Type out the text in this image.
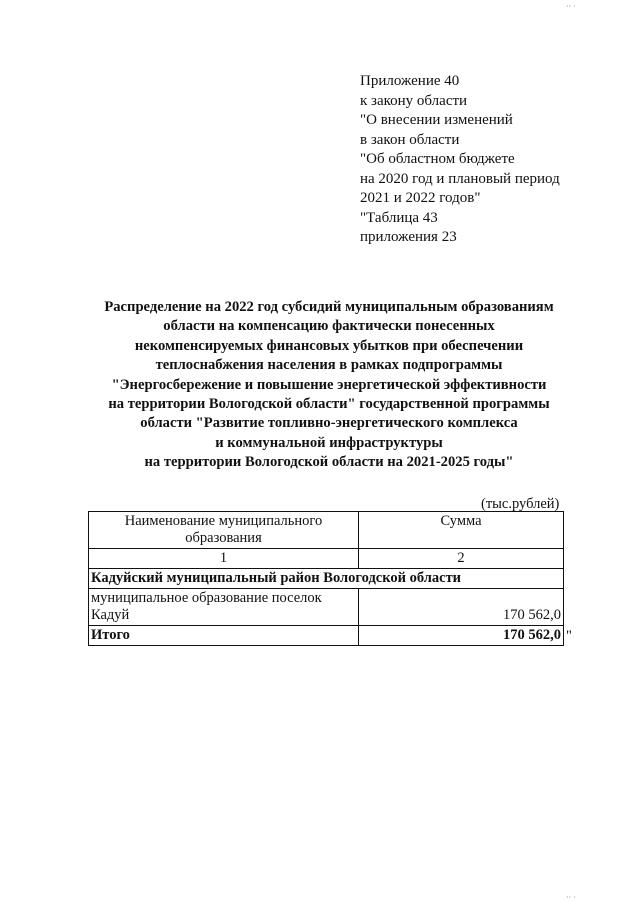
Приложение 40
к закону области
"О внесении изменений
в закон области
"Об областном бюджете
на 2020 год и плановый период
2021 и 2022 годов"
"Таблица 43
приложения 23
Распределение на 2022 год субсидий муниципальным образованиям
области на компенсацию фактически понесенных
некомпенсируемых финансовых убытков при обеспечении
теплоснабжения населения в рамках подпрограммы
"Энергосбережение и повышение энергетической эффективности
на территории Вологодской области" государственной программы
области "Развитие топливно-энергетического комплекса
и коммунальной инфраструктуры
на территории Вологодской области на 2021-2025 годы"
(тыс.рублей)
Наименование муниципального образования	Сумма
1	2
Кадуйский муниципальный район Вологодской области	

муниципальное образование поселок
Кадуй	170 562,0
Итого	170 562,0 "
·· ·
·· ·
